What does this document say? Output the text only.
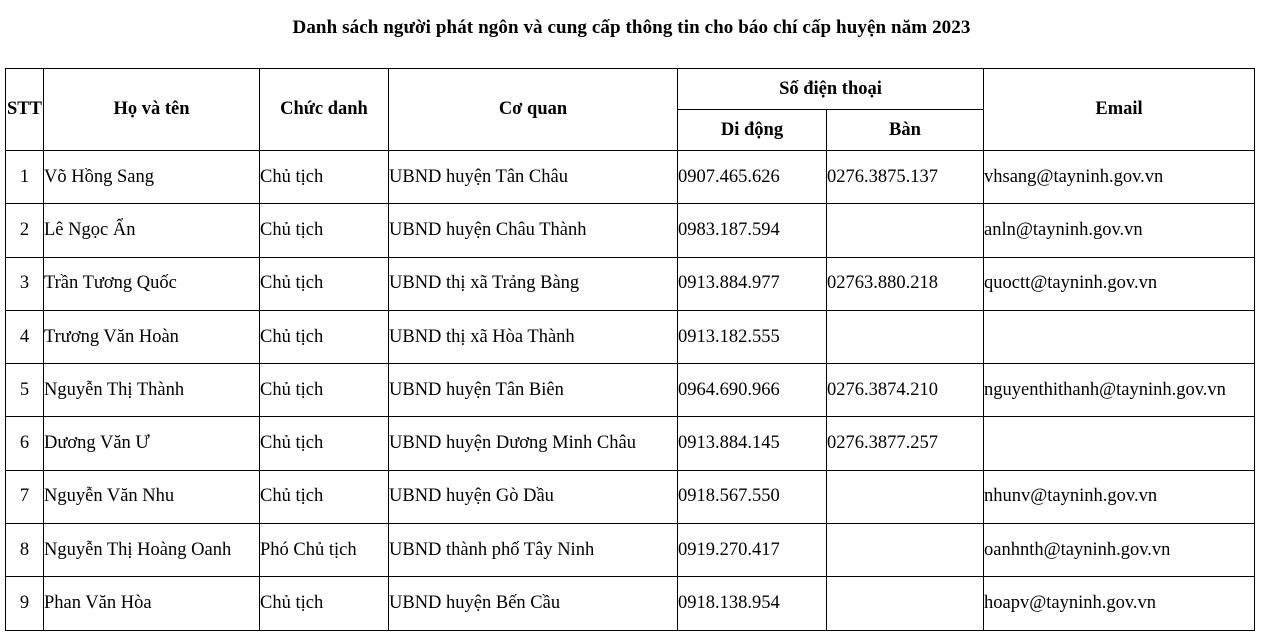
Danh sách người phát ngôn và cung cấp thông tin cho báo chí cấp huyện năm 2023
STT	Họ và tên	Chức danh	Cơ quan	Số điện thoại		Email
				Di động	Bàn	
1	Võ Hồng Sang	Chủ tịch	UBND huyện Tân Châu	0907.465.626	0276.3875.137	vhsang@tayninh.gov.vn
2	Lê Ngọc Ẩn	Chủ tịch	UBND huyện Châu Thành	0983.187.594		anln@tayninh.gov.vn
3	Trần Tương Quốc	Chủ tịch	UBND thị xã Trảng Bàng	0913.884.977	02763.880.218	quoctt@tayninh.gov.vn
4	Trương Văn Hoàn	Chủ tịch	UBND thị xã Hòa Thành	0913.182.555		
5	Nguyễn Thị Thành	Chủ tịch	UBND huyện Tân Biên	0964.690.966	0276.3874.210	nguyenthithanh@tayninh.gov.vn
6	Dương Văn Ư	Chủ tịch	UBND huyện Dương Minh Châu	0913.884.145	0276.3877.257	
7	Nguyễn Văn Nhu	Chủ tịch	UBND huyện Gò Dầu	0918.567.550		nhunv@tayninh.gov.vn
8	Nguyễn Thị Hoàng Oanh	Phó Chủ tịch	UBND thành phố Tây Ninh	0919.270.417		oanhnth@tayninh.gov.vn
9	Phan Văn Hòa	Chủ tịch	UBND huyện Bến Cầu	0918.138.954		hoapv@tayninh.gov.vn
